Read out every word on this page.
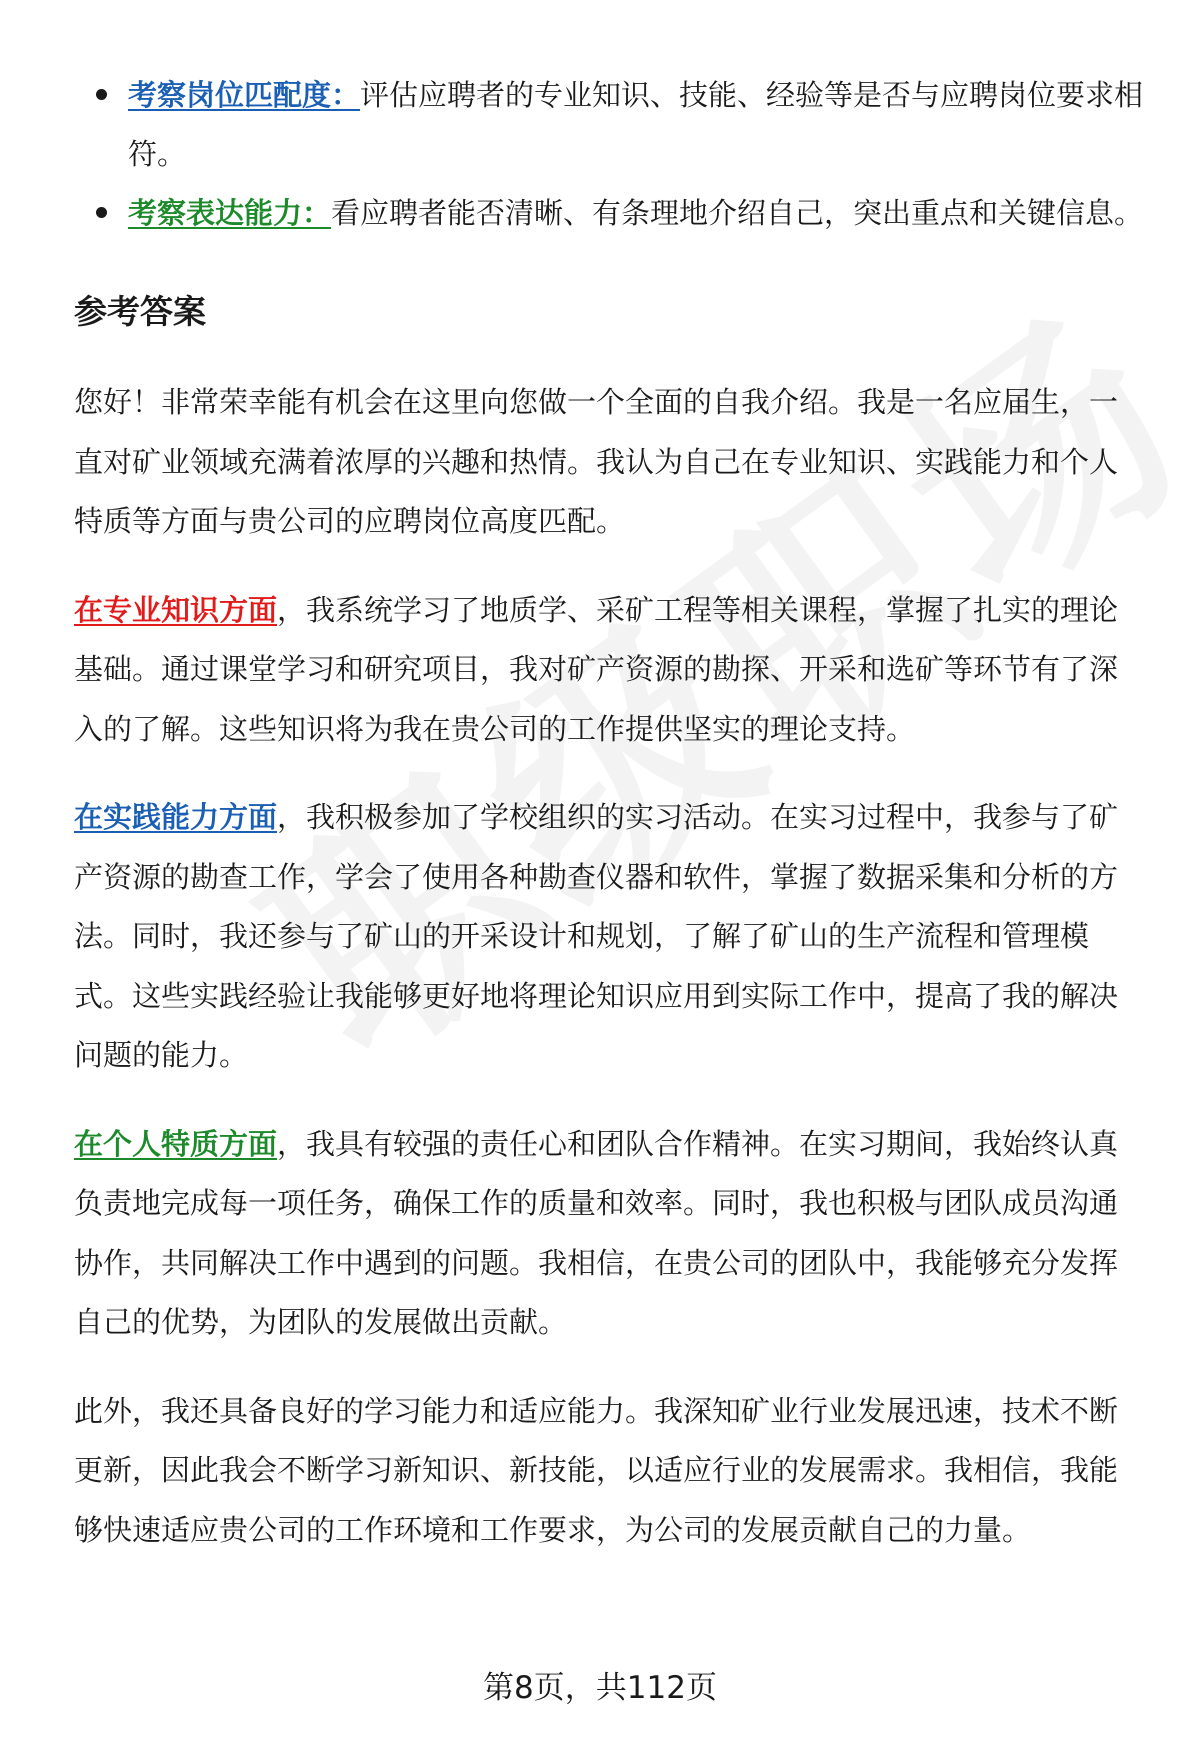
考察岗位匹配度：评估应聘者的专业知识、技能、经验等是否与应聘岗位要求相符。
考察表达能力：看应聘者能否清晰、有条理地介绍自己，突出重点和关键信息。
参考答案

您好！非常荣幸能有机会在这里向您做一个全面的自我介绍。我是一名应届生，一直对矿业领域充满着浓厚的兴趣和热情。我认为自己在专业知识、实践能力和个人特质等方面与贵公司的应聘岗位高度匹配。

在专业知识方面，我系统学习了地质学、采矿工程等相关课程，掌握了扎实的理论基础。通过课堂学习和研究项目，我对矿产资源的勘探、开采和选矿等环节有了深入的了解。这些知识将为我在贵公司的工作提供坚实的理论支持。

在实践能力方面，我积极参加了学校组织的实习活动。在实习过程中，我参与了矿产资源的勘查工作，学会了使用各种勘查仪器和软件，掌握了数据采集和分析的方法。同时，我还参与了矿山的开采设计和规划，了解了矿山的生产流程和管理模式。这些实践经验让我能够更好地将理论知识应用到实际工作中，提高了我的解决问题的能力。

在个人特质方面，我具有较强的责任心和团队合作精神。在实习期间，我始终认真负责地完成每一项任务，确保工作的质量和效率。同时，我也积极与团队成员沟通协作，共同解决工作中遇到的问题。我相信，在贵公司的团队中，我能够充分发挥自己的优势，为团队的发展做出贡献。

此外，我还具备良好的学习能力和适应能力。我深知矿业行业发展迅速，技术不断更新，因此我会不断学习新知识、新技能，以适应行业的发展需求。我相信，我能够快速适应贵公司的工作环境和工作要求，为公司的发展贡献自己的力量。

第8页，共112页
